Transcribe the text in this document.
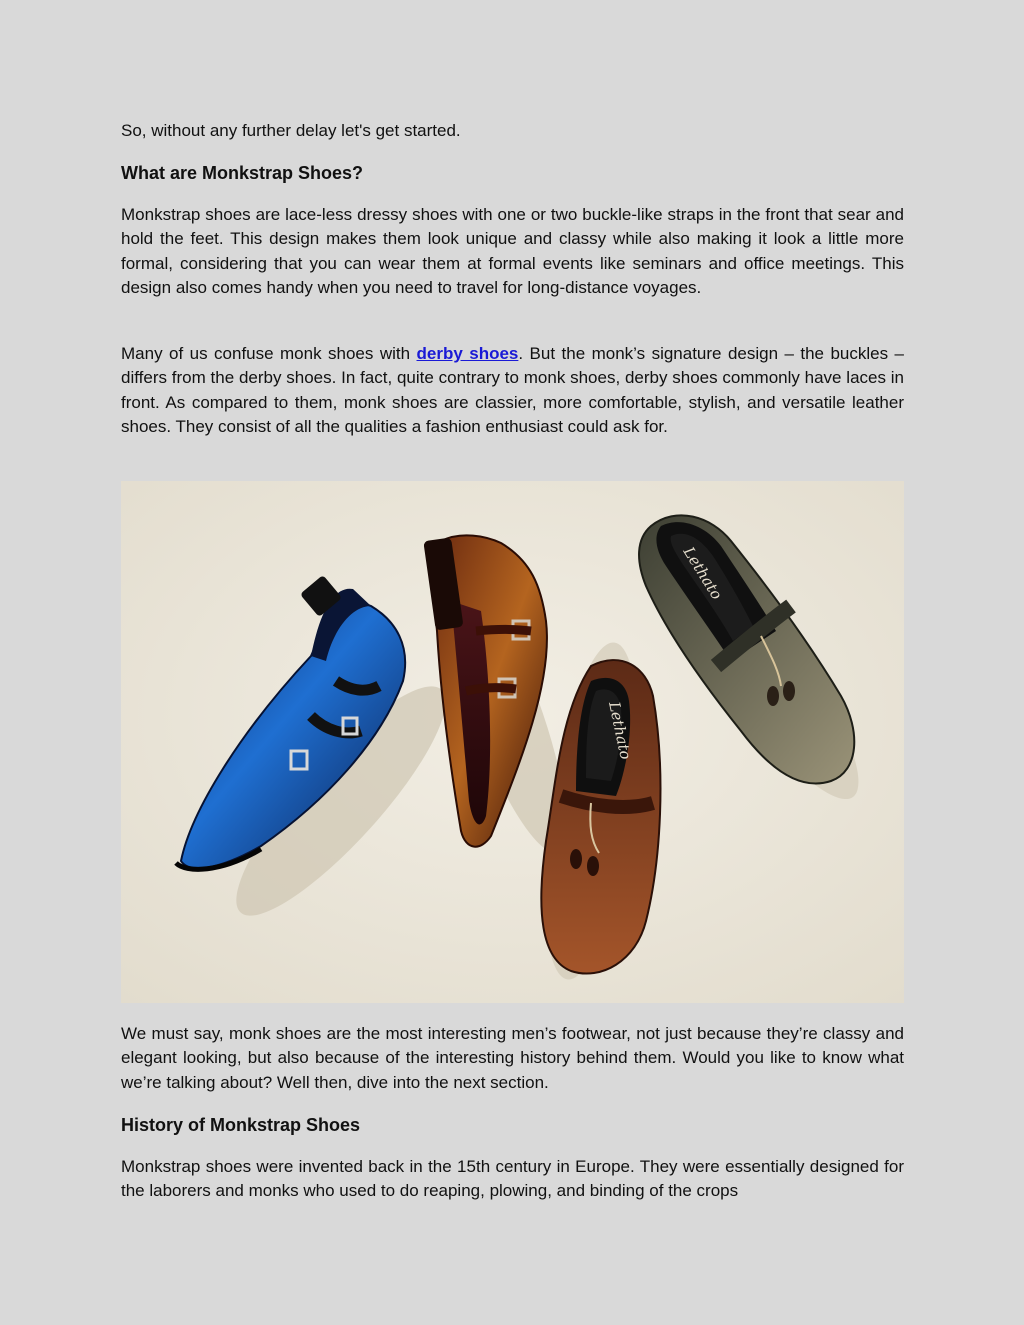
So, without any further delay let's get started.

What are Monkstrap Shoes?

Monkstrap shoes are lace-less dressy shoes with one or two buckle-like straps in the front that sear and hold the feet. This design makes them look unique and classy while also making it look a little more formal, considering that you can wear them at formal events like seminars and office meetings. This design also comes handy when you need to travel for long-distance voyages.

Many of us confuse monk shoes with derby shoes. But the monk’s signature design – the buckles – differs from the derby shoes. In fact, quite contrary to monk shoes, derby shoes commonly have laces in front. As compared to them, monk shoes are classier, more comfortable, stylish, and versatile leather shoes. They consist of all the qualities a fashion enthusiast could ask for.

Lethato
Lethato

We must say, monk shoes are the most interesting men’s footwear, not just because they’re classy and elegant looking, but also because of the interesting history behind them. Would you like to know what we’re talking about? Well then, dive into the next section.

History of Monkstrap Shoes

Monkstrap shoes were invented back in the 15th century in Europe. They were essentially designed for the laborers and monks who used to do reaping, plowing, and binding of the crops
